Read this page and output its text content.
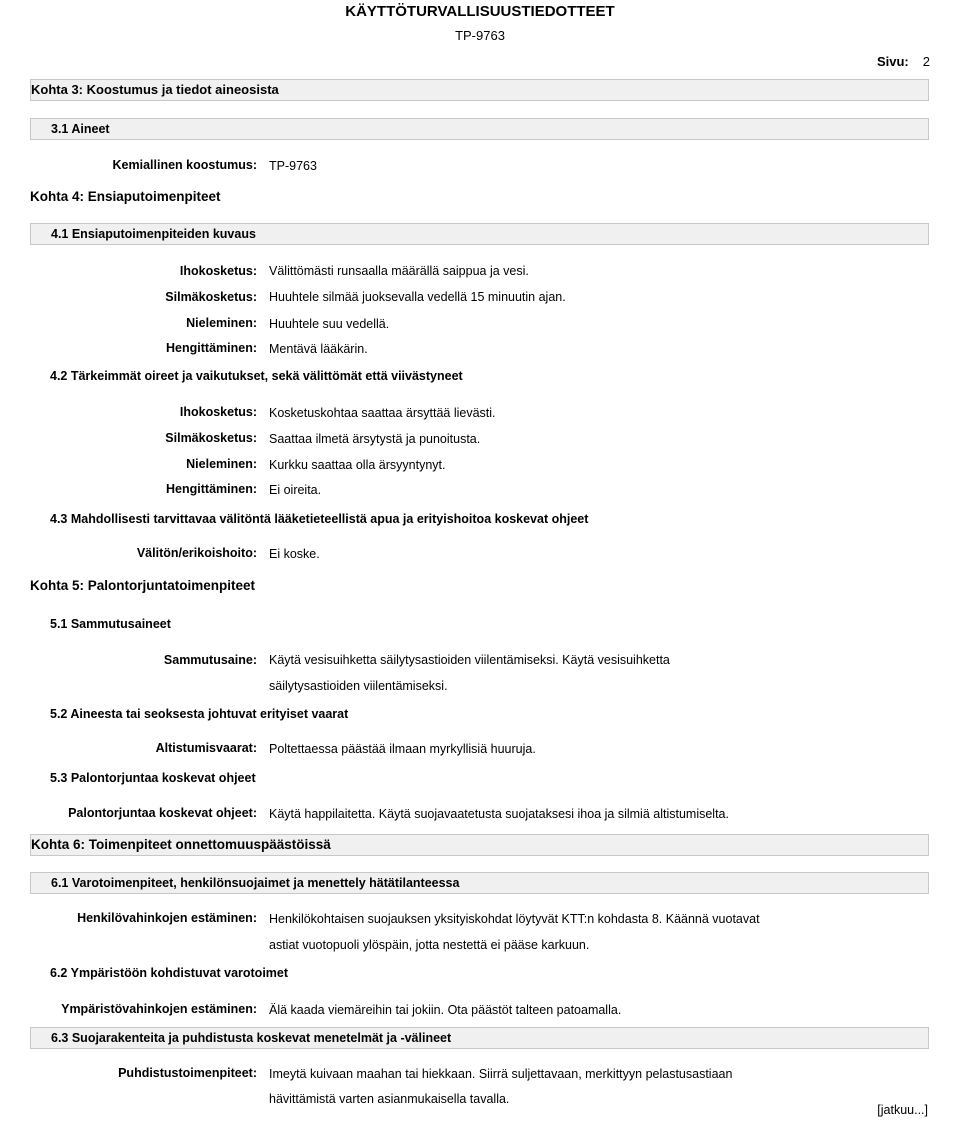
KÄYTTÖTURVALLISUUSTIEDOTTEET
TP-9763
Sivu: 2
Kohta 3: Koostumus ja tiedot aineosista
3.1 Aineet
Kemiallinen koostumus: TP-9763
Kohta 4: Ensiaputoimenpiteet
4.1 Ensiaputoimenpiteiden kuvaus
Ihokosketus: Välittömästi runsaalla määrällä saippua ja vesi.
Silmäkosketus: Huuhtele silmää juoksevalla vedellä 15 minuutin ajan.
Nieleminen: Huuhtele suu vedellä.
Hengittäminen: Mentävä lääkärin.
4.2 Tärkeimmät oireet ja vaikutukset, sekä välittömät että viivästyneet
Ihokosketus: Kosketuskohtaa saattaa ärsyttää lievästi.
Silmäkosketus: Saattaa ilmetä ärsytystä ja punoitusta.
Nieleminen: Kurkku saattaa olla ärsyyntynyt.
Hengittäminen: Ei oireita.
4.3 Mahdollisesti tarvittavaa välitöntä lääketieteellistä apua ja erityishoitoa koskevat ohjeet
Välitön/erikoishoito: Ei koske.
Kohta 5: Palontorjuntatoimenpiteet
5.1 Sammutusaineet
Sammutusaine: Käytä vesisuihketta säilytysastioiden viilentämiseksi. Käytä vesisuihketta
säilytysastioiden viilentämiseksi.
5.2 Aineesta tai seoksesta johtuvat erityiset vaarat
Altistumisvaarat: Poltettaessa päästää ilmaan myrkyllisiä huuruja.
5.3 Palontorjuntaa koskevat ohjeet
Palontorjuntaa koskevat ohjeet: Käytä happilaitetta. Käytä suojavaatetusta suojataksesi ihoa ja silmiä altistumiselta.
Kohta 6: Toimenpiteet onnettomuuspäästöissä
6.1 Varotoimenpiteet, henkilönsuojaimet ja menettely hätätilanteessa
Henkilövahinkojen estäminen: Henkilökohtaisen suojauksen yksityiskohdat löytyvät KTT:n kohdasta 8. Käännä vuotavat
astiat vuotopuoli ylöspäin, jotta nestettä ei pääse karkuun.
6.2 Ympäristöön kohdistuvat varotoimet
Ympäristövahinkojen estäminen: Älä kaada viemäreihin tai jokiin. Ota päästöt talteen patoamalla.
6.3 Suojarakenteita ja puhdistusta koskevat menetelmät ja -välineet
Puhdistustoimenpiteet: Imeytä kuivaan maahan tai hiekkaan. Siirrä suljettavaan, merkittyyn pelastusastiaan
hävittämistä varten asianmukaisella tavalla.
[jatkuu...]
